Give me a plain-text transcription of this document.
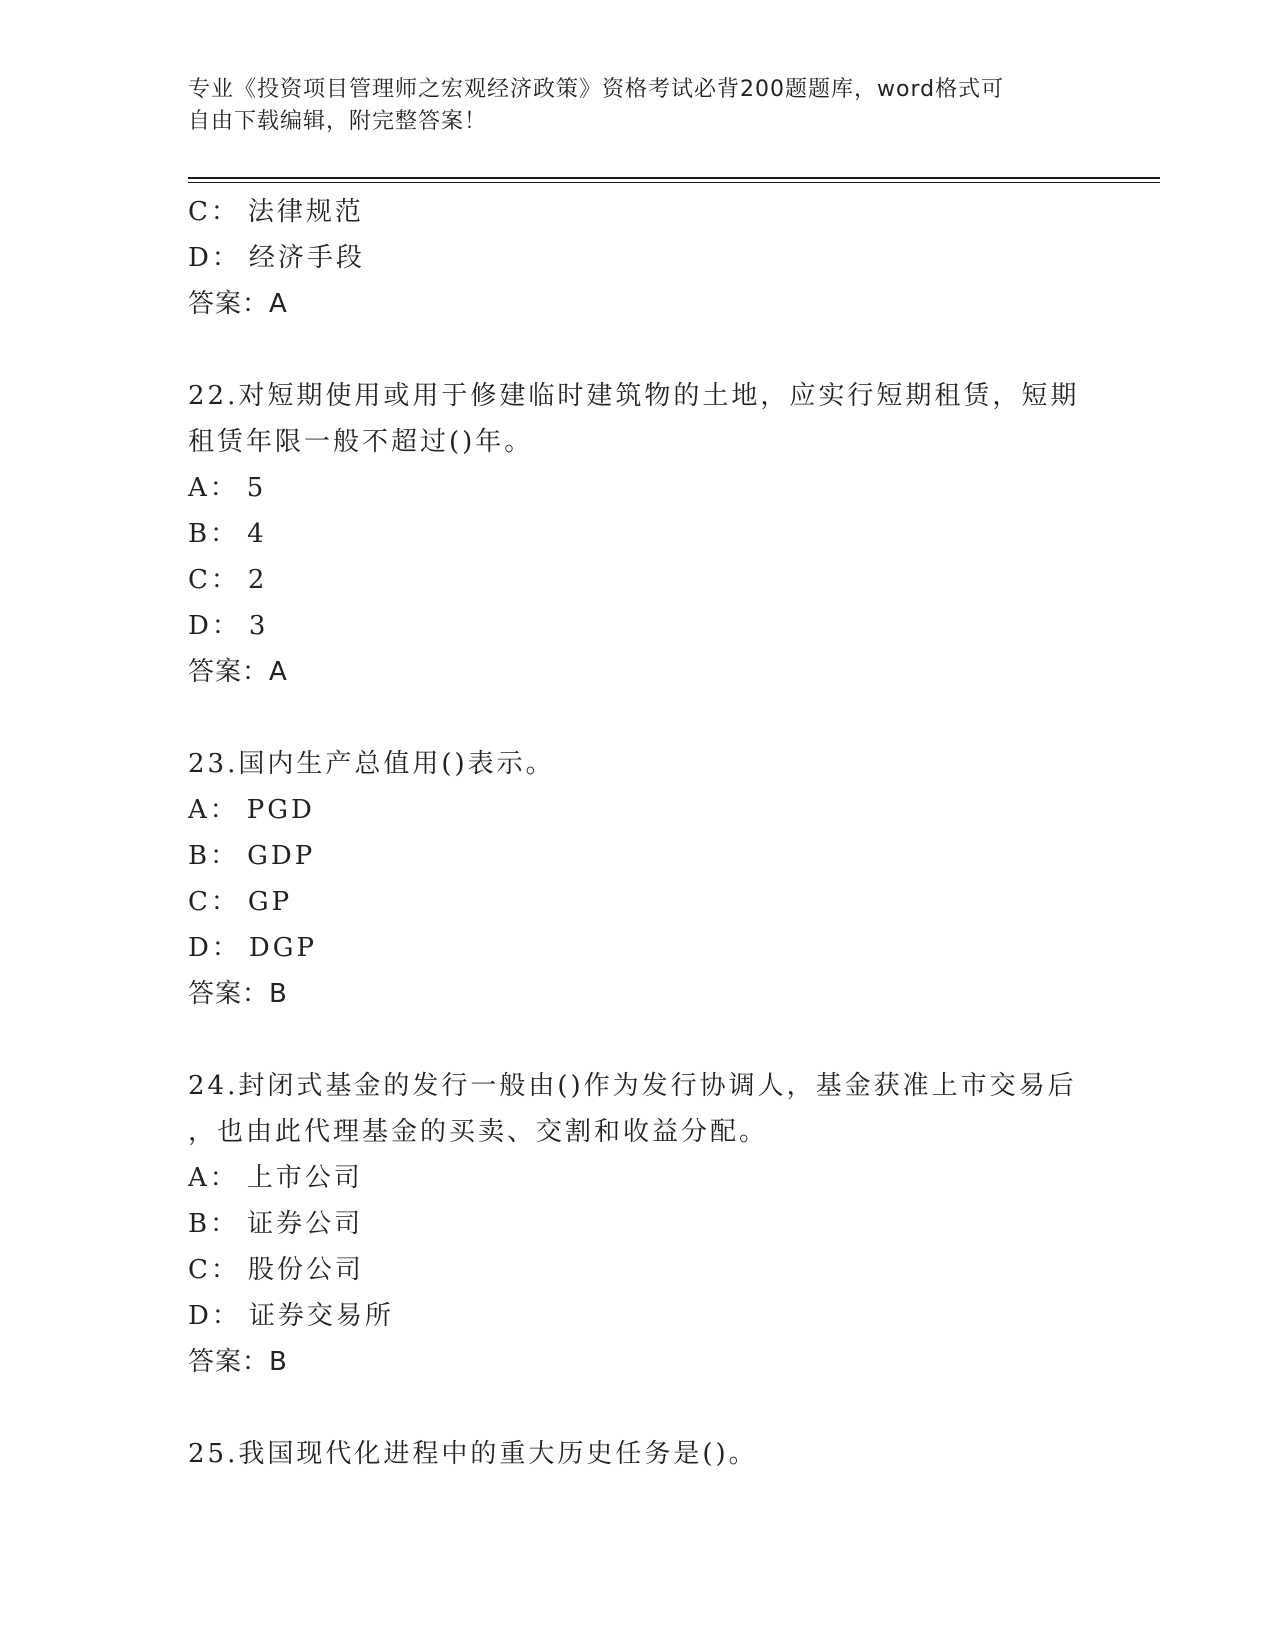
专业《投资项目管理师之宏观经济政策》资格考试必背200题题库，word格式可
自由下载编辑，附完整答案！
C： 法律规范
D： 经济手段
答案：A
22.对短期使用或用于修建临时建筑物的土地，应实行短期租赁，短期
租赁年限一般不超过()年。
A： 5
B： 4
C： 2
D： 3
答案：A
23.国内生产总值用()表示。
A： PGD
B： GDP
C： GP
D： DGP
答案：B
24.封闭式基金的发行一般由()作为发行协调人，基金获准上市交易后
，也由此代理基金的买卖、交割和收益分配。
A： 上市公司
B： 证券公司
C： 股份公司
D： 证券交易所
答案：B
25.我国现代化进程中的重大历史任务是()。
